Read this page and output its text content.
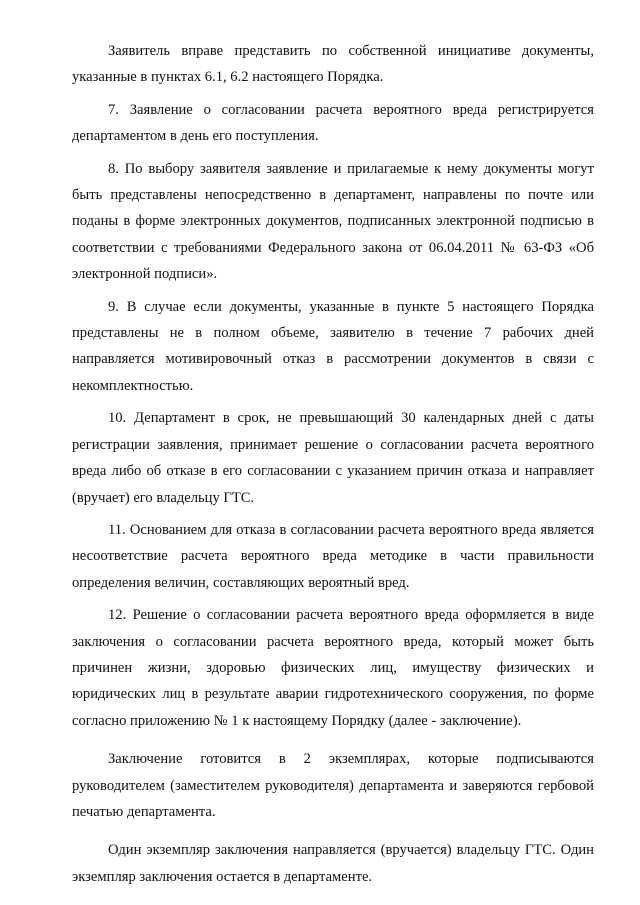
Заявитель вправе представить по собственной инициативе документы, указанные в пунктах 6.1, 6.2 настоящего Порядка.

7. Заявление о согласовании расчета вероятного вреда регистрируется департаментом в день его поступления.

8. По выбору заявителя заявление и прилагаемые к нему документы могут быть представлены непосредственно в департамент, направлены по почте или поданы в форме электронных документов, подписанных электронной подписью в соответствии с требованиями Федерального закона от 06.04.2011 № 63-ФЗ «Об электронной подписи».

9. В случае если документы, указанные в пункте 5 настоящего Порядка представлены не в полном объеме, заявителю в течение 7 рабочих дней направляется мотивировочный отказ в рассмотрении документов в связи с некомплектностью.

10. Департамент в срок, не превышающий 30 календарных дней с даты регистрации заявления, принимает решение о согласовании расчета вероятного вреда либо об отказе в его согласовании с указанием причин отказа и направляет (вручает) его владельцу ГТС.

11. Основанием для отказа в согласовании расчета вероятного вреда является несоответствие расчета вероятного вреда методике в части правильности определения величин, составляющих вероятный вред.

12. Решение о согласовании расчета вероятного вреда оформляется в виде заключения о согласовании расчета вероятного вреда, который может быть причинен жизни, здоровью физических лиц, имуществу физических и юридических лиц в результате аварии гидротехнического сооружения, по форме согласно приложению № 1 к настоящему Порядку (далее - заключение).

Заключение готовится в 2 экземплярах, которые подписываются руководителем (заместителем руководителя) департамента и заверяются гербовой печатью департамента.

Один экземпляр заключения направляется (вручается) владельцу ГТС. Один экземпляр заключения остается в департаменте.
